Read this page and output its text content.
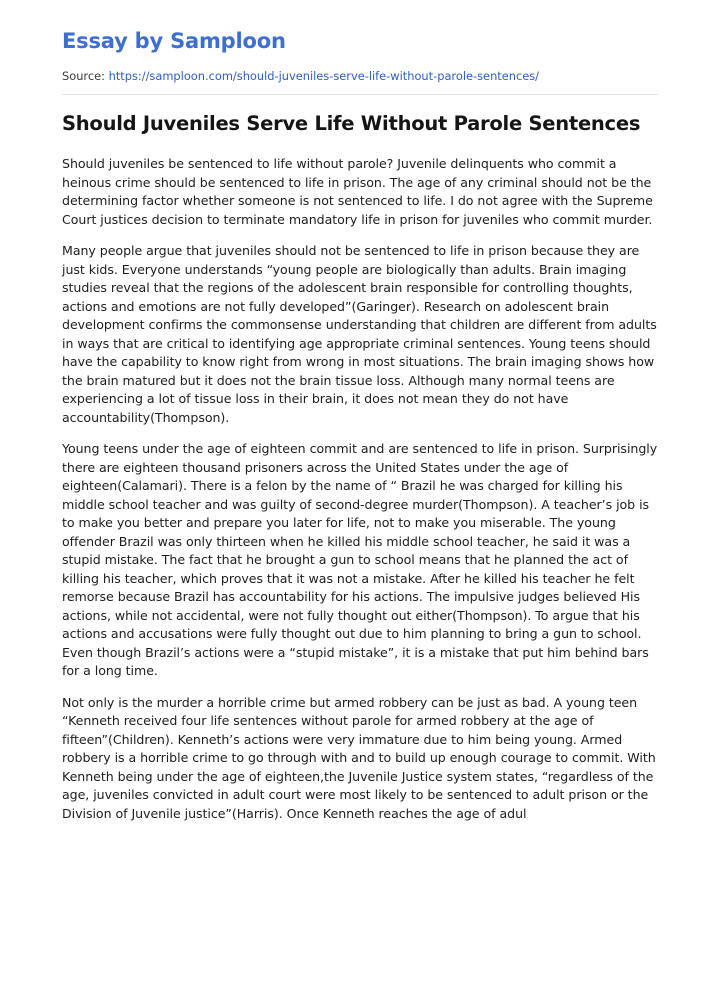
Essay by Samploon
Source: https://samploon.com/should-juveniles-serve-life-without-parole-sentences/
Should Juveniles Serve Life Without Parole Sentences

Should juveniles be sentenced to life without parole? Juvenile delinquents who commit a heinous crime should be sentenced to life in prison. The age of any criminal should not be the determining factor whether someone is not sentenced to life. I do not agree with the Supreme Court justices decision to terminate mandatory life in prison for juveniles who commit murder.

Many people argue that juveniles should not be sentenced to life in prison because they are just kids. Everyone understands “young people are biologically than adults. Brain imaging studies reveal that the regions of the adolescent brain responsible for controlling thoughts, actions and emotions are not fully developed”(Garinger). Research on adolescent brain development confirms the commonsense understanding that children are different from adults in ways that are critical to identifying age appropriate criminal sentences. Young teens should have the capability to know right from wrong in most situations. The brain imaging shows how the brain matured but it does not the brain tissue loss. Although many normal teens are experiencing a lot of tissue loss in their brain, it does not mean they do not have accountability(Thompson).

Young teens under the age of eighteen commit and are sentenced to life in prison. Surprisingly there are eighteen thousand prisoners across the United States under the age of eighteen(Calamari). There is a felon by the name of “ Brazil he was charged for killing his middle school teacher and was guilty of second-degree murder(Thompson). A teacher’s job is to make you better and prepare you later for life, not to make you miserable. The young offender Brazil was only thirteen when he killed his middle school teacher, he said it was a stupid mistake. The fact that he brought a gun to school means that he planned the act of killing his teacher, which proves that it was not a mistake. After he killed his teacher he felt remorse because Brazil has accountability for his actions. The impulsive judges believed His actions, while not accidental, were not fully thought out either(Thompson). To argue that his actions and accusations were fully thought out due to him planning to bring a gun to school. Even though Brazil’s actions were a “stupid mistake”, it is a mistake that put him behind bars for a long time.

Not only is the murder a horrible crime but armed robbery can be just as bad. A young teen “Kenneth received four life sentences without parole for armed robbery at the age of fifteen”(Children). Kenneth’s actions were very immature due to him being young. Armed robbery is a horrible crime to go through with and to build up enough courage to commit. With Kenneth being under the age of eighteen,the Juvenile Justice system states, “regardless of the age, juveniles convicted in adult court were most likely to be sentenced to adult prison or the Division of Juvenile justice”(Harris). Once Kenneth reaches the age of adul
